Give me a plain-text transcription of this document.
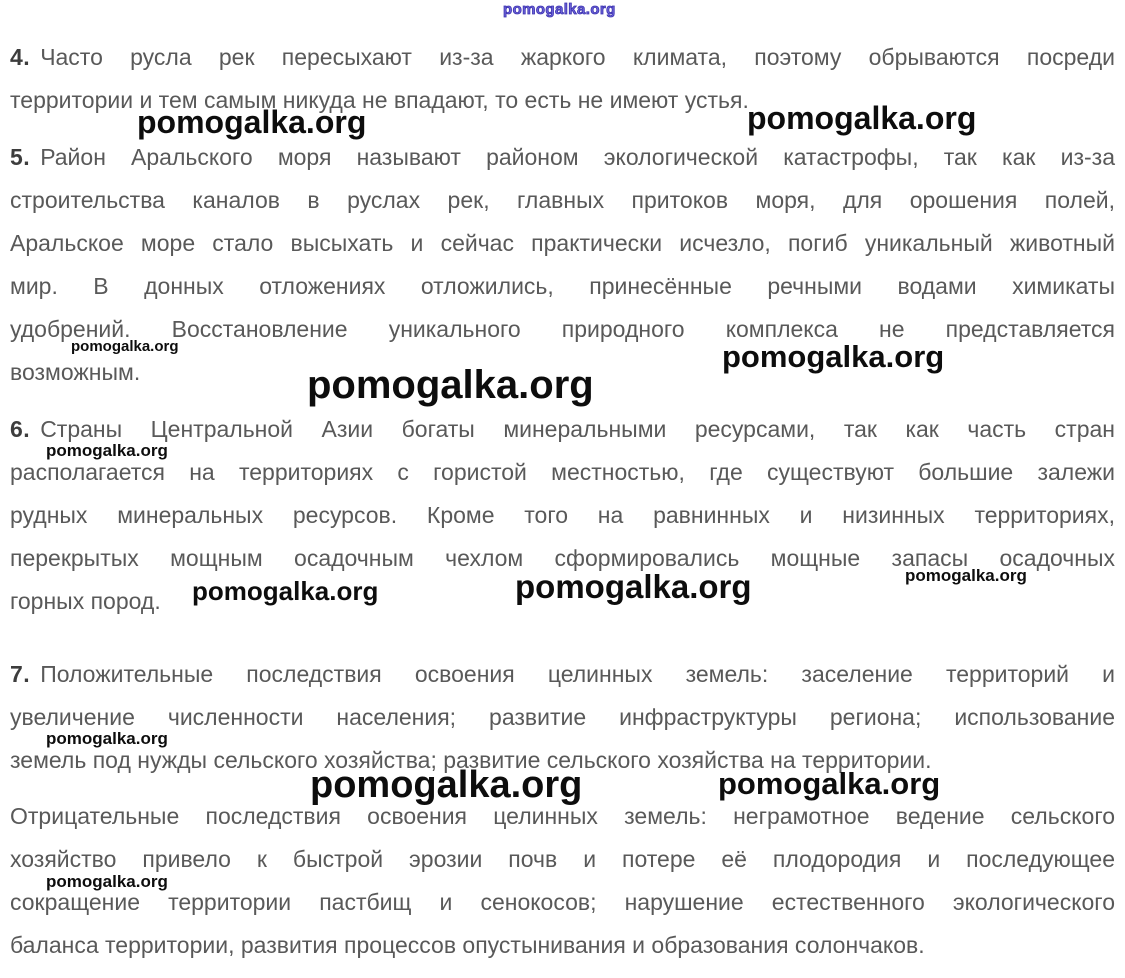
pomogalka.org
4. Часто русла рек пересыхают из-за жаркого климата, поэтому обрываются посреди
территории и тем самым никуда не впадают, то есть не имеют устья.
5. Район Аральского моря называют районом экологической катастрофы, так как из-за
строительства каналов в руслах рек, главных притоков моря, для орошения полей,
Аральское море стало высыхать и сейчас практически исчезло, погиб уникальный животный
мир. В донных отложениях отложились, принесённые речными водами химикаты
удобрений. Восстановление уникального природного комплекса не представляется
возможным.
6. Страны Центральной Азии богаты минеральными ресурсами, так как часть стран
располагается на территориях с гористой местностью, где существуют большие залежи
рудных минеральных ресурсов. Кроме того на равнинных и низинных территориях,
перекрытых мощным осадочным чехлом сформировались мощные запасы осадочных
горных пород.
7. Положительные последствия освоения целинных земель: заселение территорий и
увеличение численности населения; развитие инфраструктуры региона; использование
земель под нужды сельского хозяйства; развитие сельского хозяйства на территории.
Отрицательные последствия освоения целинных земель: неграмотное ведение сельского
хозяйство привело к быстрой эрозии почв и потере её плодородия и последующее
сокращение территории пастбищ и сенокосов; нарушение естественного экологического
баланса территории, развития процессов опустынивания и образования солончаков.
pomogalka.org	pomogalka.org
pomogalka.org	pomogalka.org
pomogalka.org
pomogalka.org
pomogalka.org	pomogalka.org	pomogalka.org
pomogalka.org
pomogalka.org	pomogalka.org
pomogalka.org
